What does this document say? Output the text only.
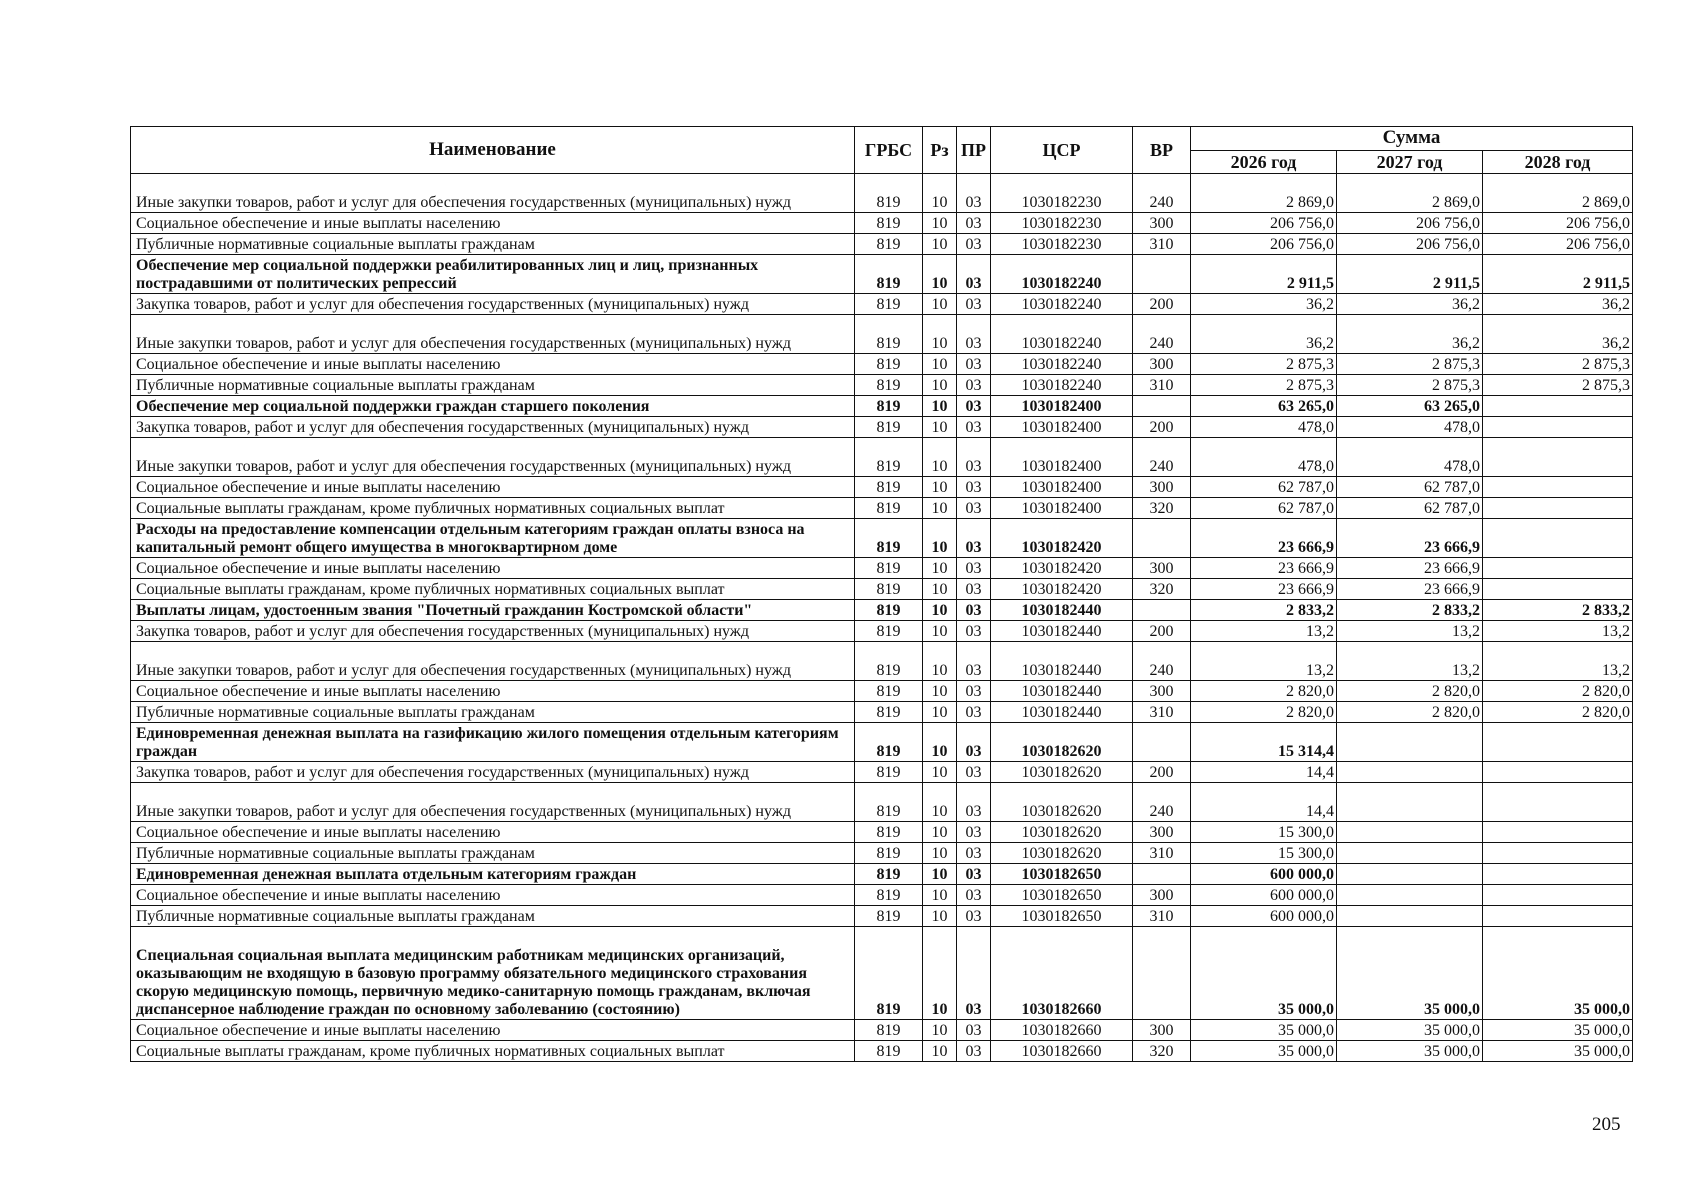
Наименование	ГРБС	Рз	ПР	ЦСР	ВР	Сумма		
						2026 год	2027 год	2028 год
Иные закупки товаров, работ и услуг для обеспечения государственных (муниципальных) нужд	819	10	03	1030182230	240	2 869,0	2 869,0	2 869,0
Социальное обеспечение и иные выплаты населению	819	10	03	1030182230	300	206 756,0	206 756,0	206 756,0
Публичные нормативные социальные выплаты гражданам	819	10	03	1030182230	310	206 756,0	206 756,0	206 756,0
Обеспечение мер социальной поддержки реабилитированных лиц и лиц, признанных пострадавшими от политических репрессий	819	10	03	1030182240		2 911,5	2 911,5	2 911,5
Закупка товаров, работ и услуг для обеспечения государственных (муниципальных) нужд	819	10	03	1030182240	200	36,2	36,2	36,2
Иные закупки товаров, работ и услуг для обеспечения государственных (муниципальных) нужд	819	10	03	1030182240	240	36,2	36,2	36,2
Социальное обеспечение и иные выплаты населению	819	10	03	1030182240	300	2 875,3	2 875,3	2 875,3
Публичные нормативные социальные выплаты гражданам	819	10	03	1030182240	310	2 875,3	2 875,3	2 875,3
Обеспечение мер социальной поддержки граждан старшего поколения	819	10	03	1030182400		63 265,0	63 265,0	
Закупка товаров, работ и услуг для обеспечения государственных (муниципальных) нужд	819	10	03	1030182400	200	478,0	478,0	
Иные закупки товаров, работ и услуг для обеспечения государственных (муниципальных) нужд	819	10	03	1030182400	240	478,0	478,0	
Социальное обеспечение и иные выплаты населению	819	10	03	1030182400	300	62 787,0	62 787,0	
Социальные выплаты гражданам, кроме публичных нормативных социальных выплат	819	10	03	1030182400	320	62 787,0	62 787,0	
Расходы на предоставление компенсации отдельным категориям граждан оплаты взноса на капитальный ремонт общего имущества в многоквартирном доме	819	10	03	1030182420		23 666,9	23 666,9	
Социальное обеспечение и иные выплаты населению	819	10	03	1030182420	300	23 666,9	23 666,9	
Социальные выплаты гражданам, кроме публичных нормативных социальных выплат	819	10	03	1030182420	320	23 666,9	23 666,9	
Выплаты лицам, удостоенным звания "Почетный гражданин Костромской области"	819	10	03	1030182440		2 833,2	2 833,2	2 833,2
Закупка товаров, работ и услуг для обеспечения государственных (муниципальных) нужд	819	10	03	1030182440	200	13,2	13,2	13,2
Иные закупки товаров, работ и услуг для обеспечения государственных (муниципальных) нужд	819	10	03	1030182440	240	13,2	13,2	13,2
Социальное обеспечение и иные выплаты населению	819	10	03	1030182440	300	2 820,0	2 820,0	2 820,0
Публичные нормативные социальные выплаты гражданам	819	10	03	1030182440	310	2 820,0	2 820,0	2 820,0
Единовременная денежная выплата на газификацию жилого помещения отдельным категориям граждан	819	10	03	1030182620		15 314,4		
Закупка товаров, работ и услуг для обеспечения государственных (муниципальных) нужд	819	10	03	1030182620	200	14,4		
Иные закупки товаров, работ и услуг для обеспечения государственных (муниципальных) нужд	819	10	03	1030182620	240	14,4		
Социальное обеспечение и иные выплаты населению	819	10	03	1030182620	300	15 300,0		
Публичные нормативные социальные выплаты гражданам	819	10	03	1030182620	310	15 300,0		
Единовременная денежная выплата отдельным категориям граждан	819	10	03	1030182650		600 000,0		
Социальное обеспечение и иные выплаты населению	819	10	03	1030182650	300	600 000,0		
Публичные нормативные социальные выплаты гражданам	819	10	03	1030182650	310	600 000,0		
Специальная социальная выплата медицинским работникам медицинских организаций, оказывающим не входящую в базовую программу обязательного медицинского страхования скорую медицинскую помощь, первичную медико-санитарную помощь гражданам, включая диспансерное наблюдение граждан по основному заболеванию (состоянию)	819	10	03	1030182660		35 000,0	35 000,0	35 000,0
Социальное обеспечение и иные выплаты населению	819	10	03	1030182660	300	35 000,0	35 000,0	35 000,0
Социальные выплаты гражданам, кроме публичных нормативных социальных выплат	819	10	03	1030182660	320	35 000,0	35 000,0	35 000,0
205
